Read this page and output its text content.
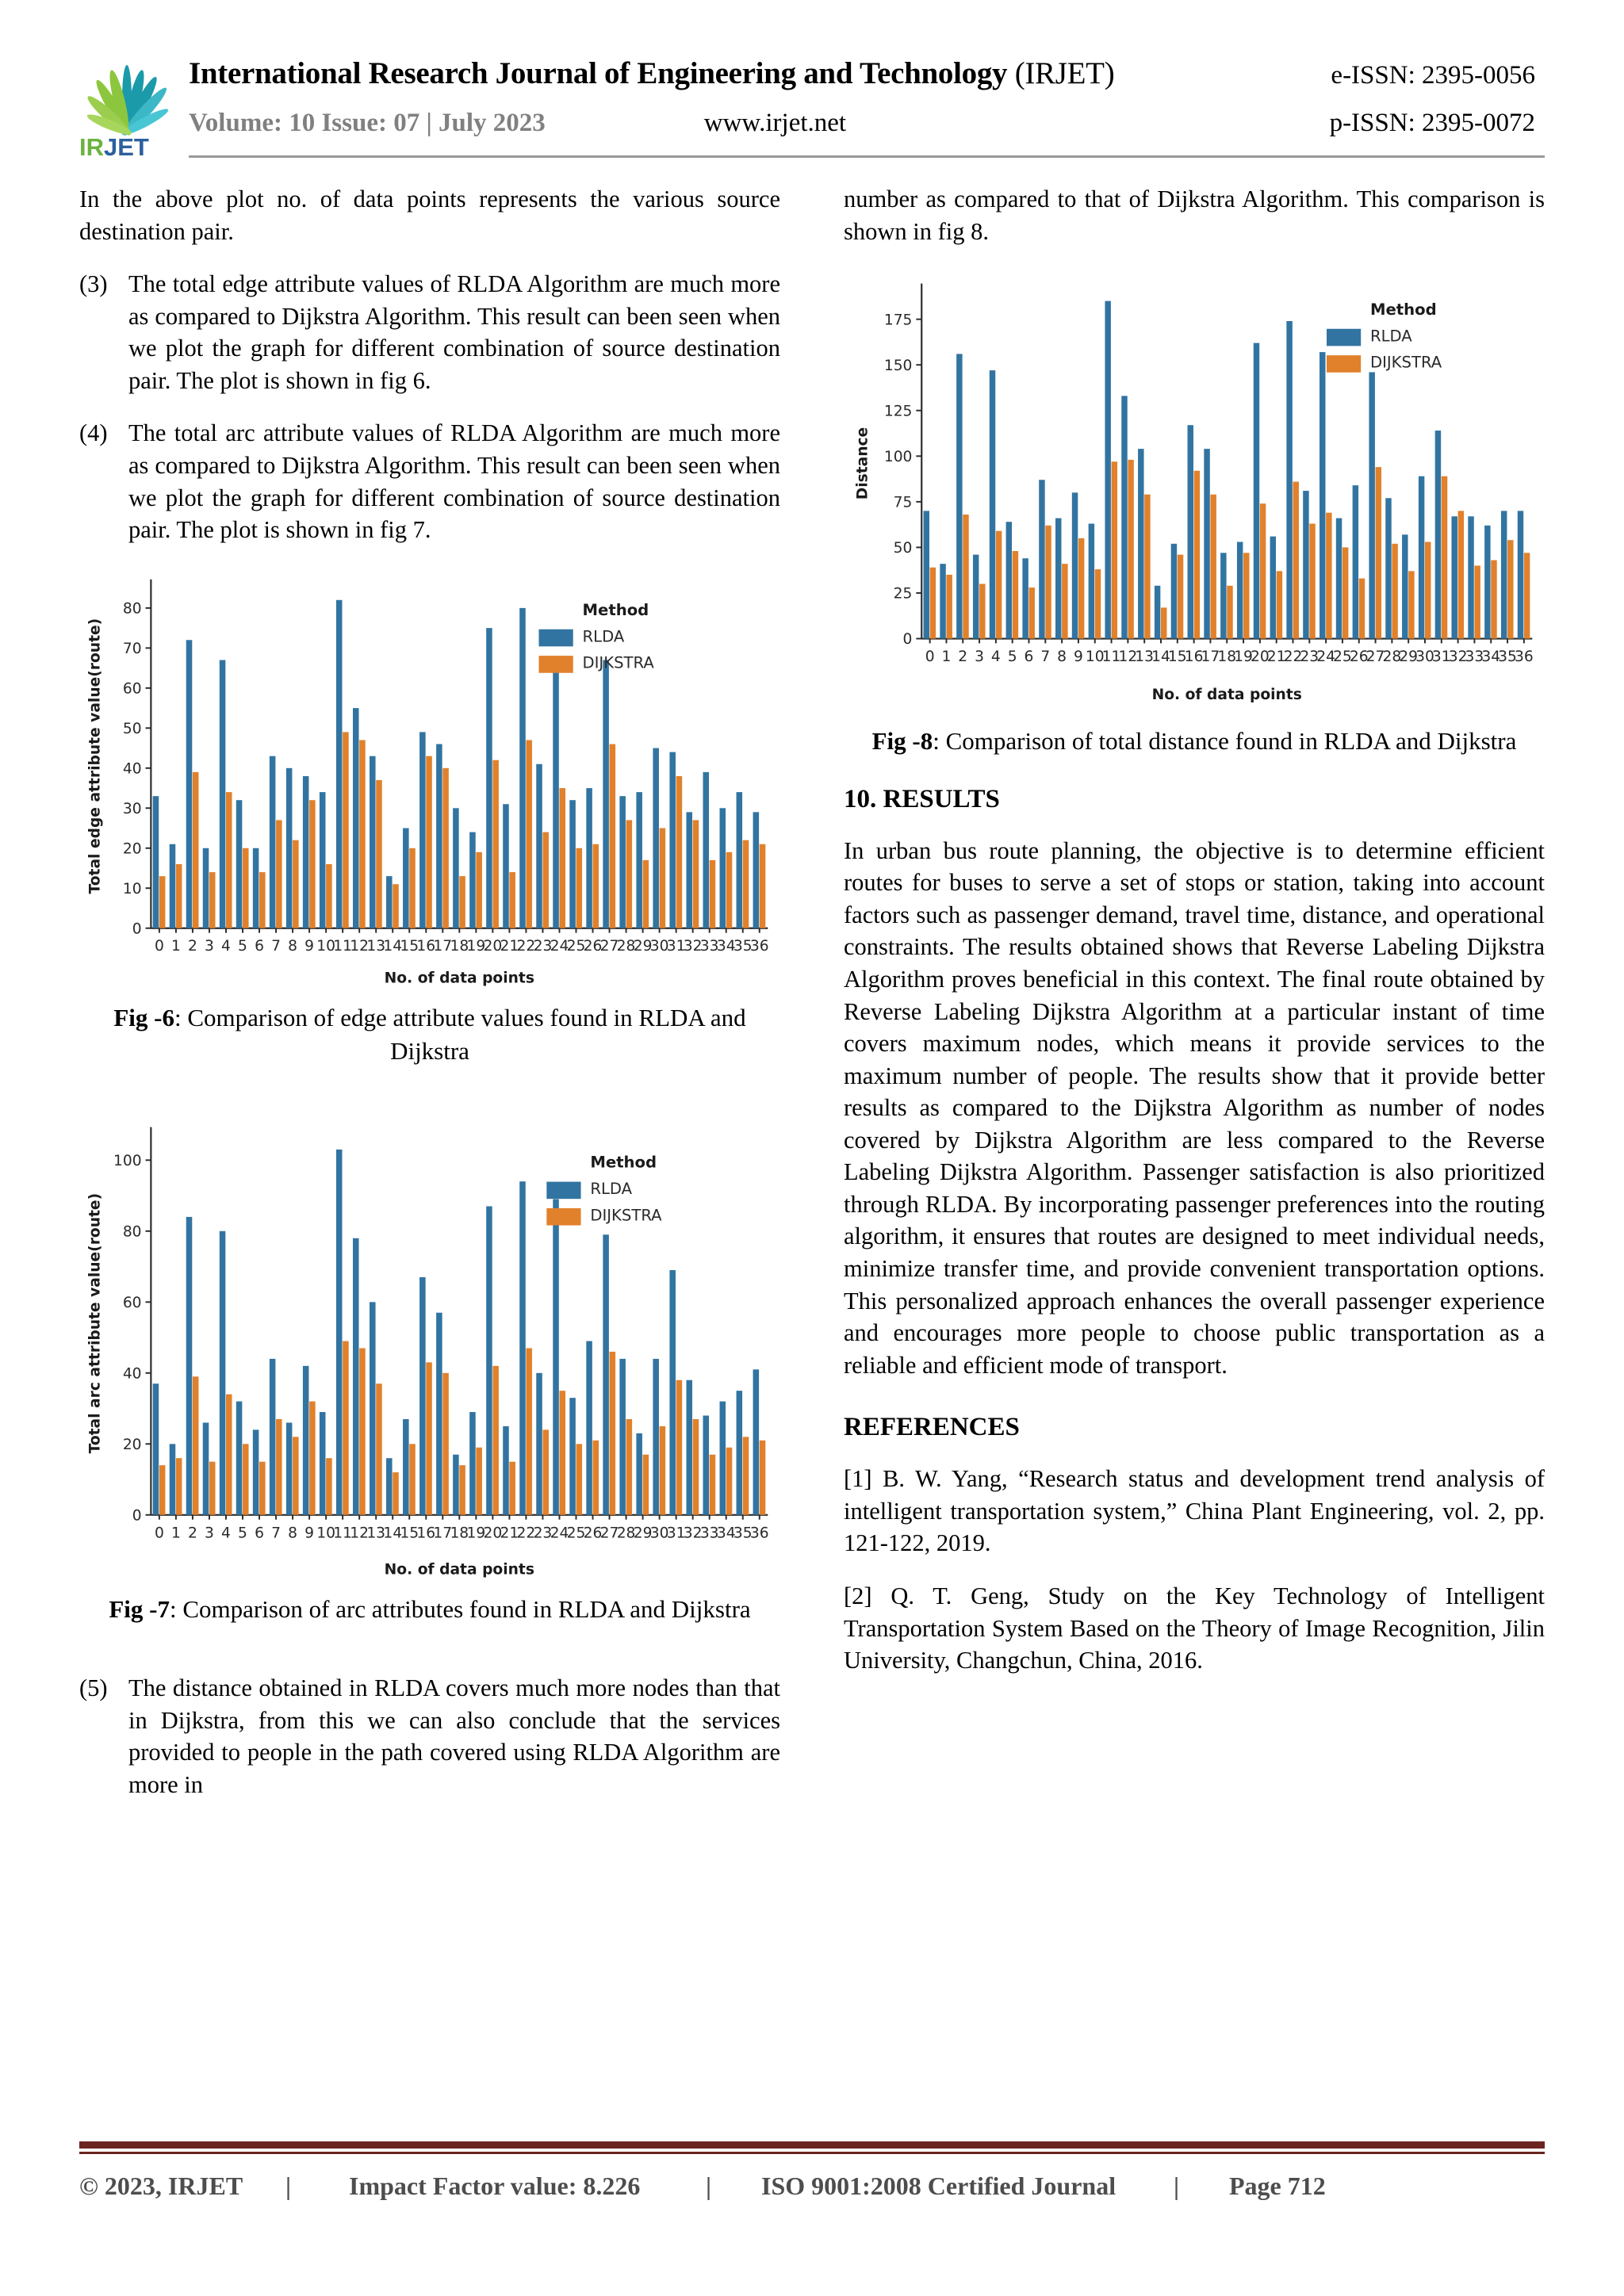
IRJET
International Research Journal of Engineering and Technology (IRJET)	e-ISSN: 2395-0056
Volume: 10 Issue: 07 | July 2023	www.irjet.net	p-ISSN: 2395-0072

In the above plot no. of data points represents the various source destination pair.

(3) The total edge attribute values of RLDA Algorithm are much more as compared to Dijkstra Algorithm. This result can been seen when we plot the graph for different combination of source destination pair. The plot is shown in fig 6.
(4) The total arc attribute values of RLDA Algorithm are much more as compared to Dijkstra Algorithm. This result can been seen when we plot the graph for different combination of source destination pair. The plot is shown in fig 7.
0
10
20
30
40
50
60
70
80
0 1 2 3 4 5 6 7 8 9 10
11
12
13
14
15
16
17
18
19
20
21
22
23
24
25
26
27
28
29
30
31
32
33
34
35
36
No. of data points
Total edge attribute value(route)
Method
RLDA
DIJKSTRA

Fig -6: Comparison of edge attribute values found in RLDA and Dijkstra

0
20
40
60
80
100
0 1 2 3 4 5 6 7 8 9 10
11
12
13
14
15
16
17
18
19
20
21
22
23
24
25
26
27
28
29
30
31
32
33
34
35
36
No. of data points
Total arc attribute value(route)
Method
RLDA
DIJKSTRA

Fig -7: Comparison of arc attributes found in RLDA and Dijkstra

(5) The distance obtained in RLDA covers much more nodes than that in Dijkstra, from this we can also conclude that the services provided to people in the path covered using RLDA Algorithm are more in

number as compared to that of Dijkstra Algorithm. This comparison is shown in fig 8.

0
25
50
75
100
125
150
175
0 1 2 3 4 5 6 7 8 9 10
11
12
13
14
15
16
17
18
19
20
21
22
23
24
25
26
27
28
29
30
31
32
33
34
35
36
No. of data points
Distance
Method
RLDA
DIJKSTRA

Fig -8: Comparison of total distance found in RLDA and Dijkstra

10. RESULTS

In urban bus route planning, the objective is to determine efficient routes for buses to serve a set of stops or station, taking into account factors such as passenger demand, travel time, distance, and operational constraints. The results obtained shows that Reverse Labeling Dijkstra Algorithm proves beneficial in this context. The final route obtained by Reverse Labeling Dijkstra Algorithm at a particular instant of time covers maximum nodes, which means it provide services to the maximum number of people. The results show that it provide better results as compared to the Dijkstra Algorithm as number of nodes covered by Dijkstra Algorithm are less compared to the Reverse Labeling Dijkstra Algorithm. Passenger satisfaction is also prioritized through RLDA. By incorporating passenger preferences into the routing algorithm, it ensures that routes are designed to meet individual needs, minimize transfer time, and provide convenient transportation options. This personalized approach enhances the overall passenger experience and encourages more people to choose public transportation as a reliable and efficient mode of transport.

REFERENCES

[1] B. W. Yang, “Research status and development trend analysis of intelligent transportation system,” China Plant Engineering, vol. 2, pp. 121-122, 2019.

[2] Q. T. Geng, Study on the Key Technology of Intelligent Transportation System Based on the Theory of Image Recognition, Jilin University, Changchun, China, 2016.

© 2023, IRJET	|	Impact Factor value: 8.226	|	ISO 9001:2008 Certified Journal	|	Page 712
